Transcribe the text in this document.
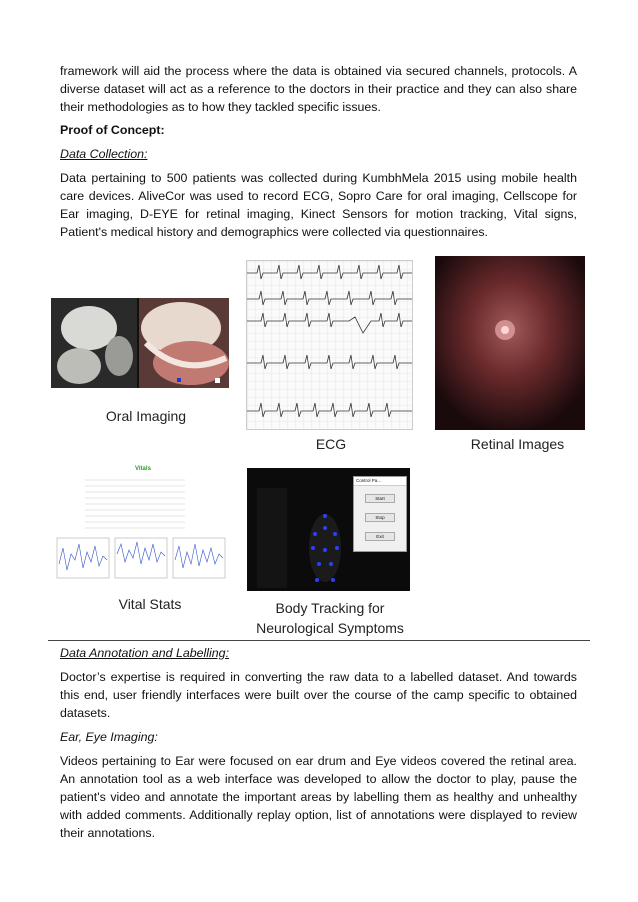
framework will aid the process where the data is obtained via secured channels, protocols. A diverse dataset will act as a reference to the doctors in their practice and they can also share their methodologies as to how they tackled specific issues.

Proof of Concept:

Data Collection:

Data pertaining to 500 patients was collected during KumbhMela 2015 using mobile health care devices. AliveCor was used to record ECG, Sopro Care for oral imaging, Cellscope for Ear imaging, D-EYE for retinal imaging, Kinect Sensors for motion tracking, Vital signs, Patient's medical history and demographics were collected via questionnaires.

Oral Imaging
ECG	Retinal Images
Vitals
Vital Stats
Control Pa...
Start
Stop
Exit
Body Tracking for
Neurological Symptoms

Data Annotation and Labelling:

Doctor’s expertise is required in converting the raw data to a labelled dataset. And towards this end, user friendly interfaces were built over the course of the camp specific to obtained datasets.

Ear, Eye Imaging:

Videos pertaining to Ear were focused on ear drum and Eye videos covered the retinal area. An annotation tool as a web interface was developed to allow the doctor to play, pause the patient's video and annotate the important areas by labelling them as healthy and unhealthy with added comments. Additionally replay option, list of annotations were displayed to review their annotations.
